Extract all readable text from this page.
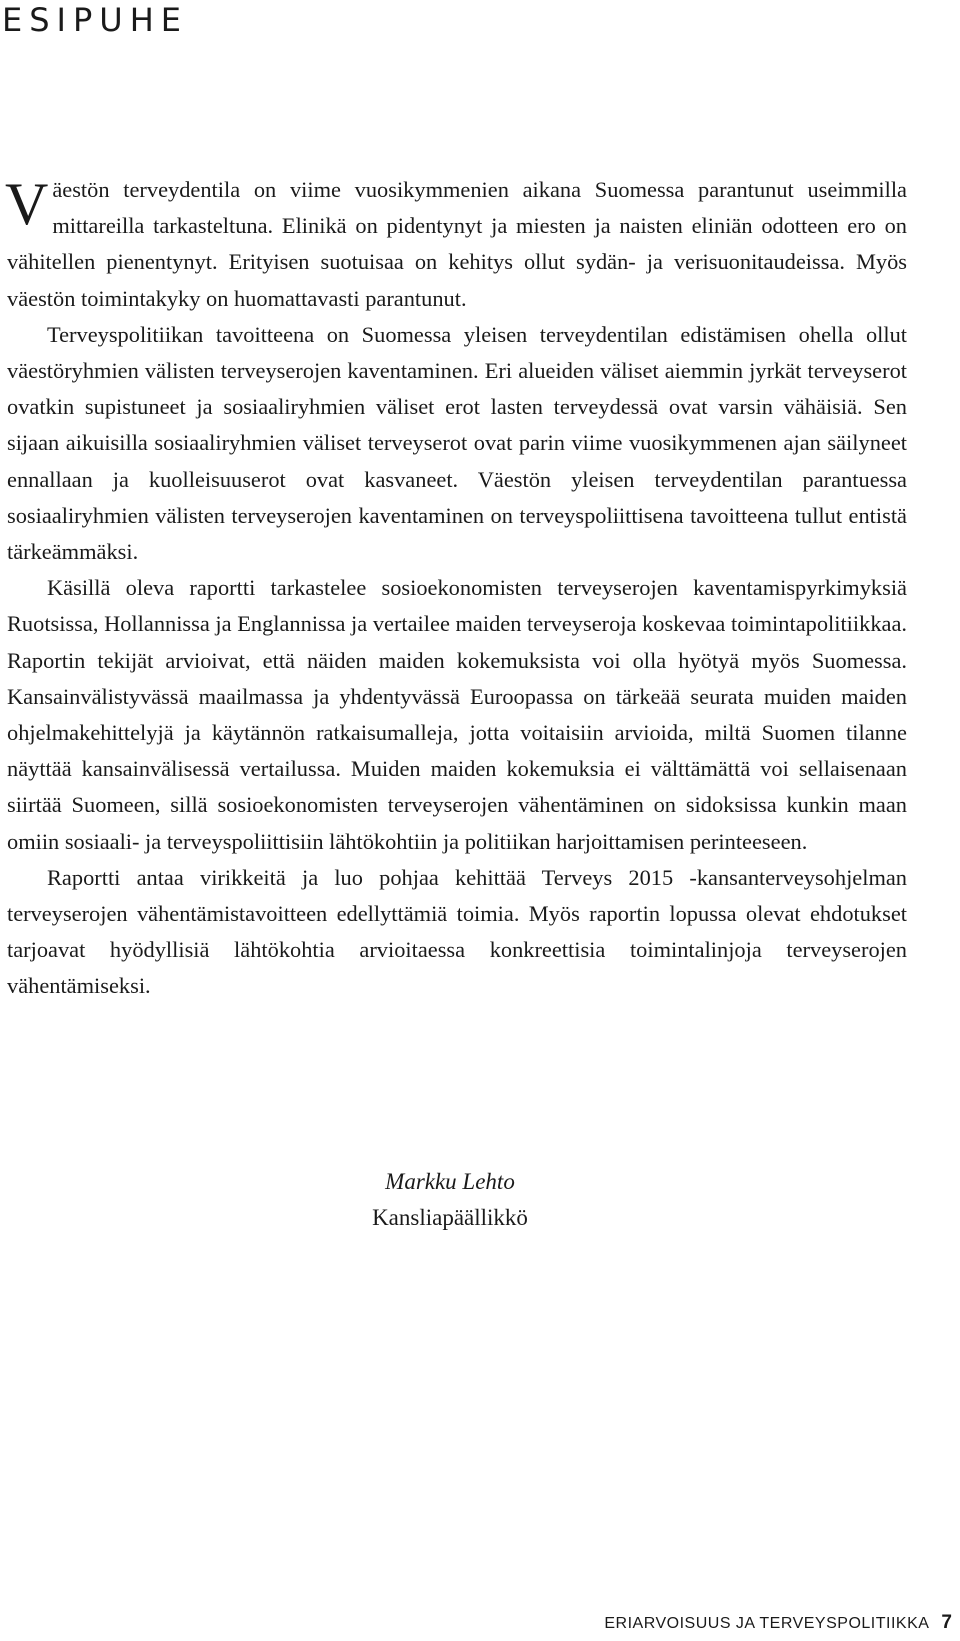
ESIPUHE

Väestön terveydentila on viime vuosikymmenien aikana Suomessa parantunut useimmilla mittareilla tarkasteltuna. Elinikä on pidentynyt ja miesten ja naisten eliniän odotteen ero on vähitellen pienentynyt. Erityisen suotuisaa on kehitys ollut sydän- ja verisuonitaudeissa. Myös väestön toimintakyky on huomattavasti parantunut.

Terveyspolitiikan tavoitteena on Suomessa yleisen terveydentilan edistämisen ohella ollut väestöryhmien välisten terveyserojen kaventaminen. Eri alueiden väliset aiemmin jyrkät terveyserot ovatkin supistuneet ja sosiaaliryhmien väliset erot lasten terveydessä ovat varsin vähäisiä. Sen sijaan aikuisilla sosiaaliryhmien väliset terveyserot ovat parin viime vuosikymmenen ajan säilyneet ennallaan ja kuolleisuuserot ovat kasvaneet. Väestön yleisen terveydentilan parantuessa sosiaaliryhmien välisten terveyserojen kaventaminen on terveyspoliittisena tavoitteena tullut entistä tärkeämmäksi.

Käsillä oleva raportti tarkastelee sosioekonomisten terveyserojen kaventamispyrkimyksiä Ruotsissa, Hollannissa ja Englannissa ja vertailee maiden terveyseroja koskevaa toimintapolitiikkaa. Raportin tekijät arvioivat, että näiden maiden kokemuksista voi olla hyötyä myös Suomessa. Kansainvälistyvässä maailmassa ja yhdentyvässä Euroopassa on tärkeää seurata muiden maiden ohjelmakehittelyjä ja käytännön ratkaisumalleja, jotta voitaisiin arvioida, miltä Suomen tilanne näyttää kansainvälisessä vertailussa. Muiden maiden kokemuksia ei välttämättä voi sellaisenaan siirtää Suomeen, sillä sosioekonomisten terveyserojen vähentäminen on sidoksissa kunkin maan omiin sosiaali- ja terveyspoliittisiin lähtökohtiin ja politiikan harjoittamisen perinteeseen.

Raportti antaa virikkeitä ja luo pohjaa kehittää Terveys 2015 -kansanterveysohjelman terveyserojen vähentämistavoitteen edellyttämiä toimia. Myös raportin lopussa olevat ehdotukset tarjoavat hyödyllisiä lähtökohtia arvioitaessa konkreettisia toimintalinjoja terveyserojen vähentämiseksi.

Markku Lehto
Kansliapäällikkö
ERIARVOISUUS JA TERVEYSPOLITIIKKA 7
